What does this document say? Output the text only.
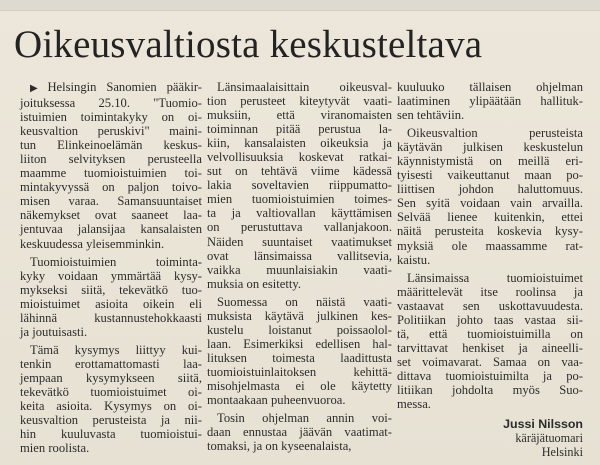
Oikeusvaltiosta keskusteltava
▶ Helsingin Sanomien pääkir-
joituksessa 25.10. "Tuomio-
istuimien toimintakyky on oi-
keusvaltion peruskivi" maini-
tun Elinkeinoelämän keskus-
liiton selvityksen perusteella
maamme tuomioistuimien toi-
mintakyvyssä on paljon toivo-
misen varaa. Samansuuntaiset
näkemykset ovat saaneet laa-
jentuvaa jalansijaa kansalaisten
keskuudessa yleisemminkin.
Tuomioistuimien toiminta-
kyky voidaan ymmärtää kysy-
mykseksi siitä, tekevätkö tuo-
mioistuimet asioita oikein eli
lähinnä kustannustehokkaasti
ja joutuisasti.
Tämä kysymys liittyy kui-
tenkin erottamattomasti laa-
jempaan kysymykseen siitä,
tekevätkö tuomioistuimet oi-
keita asioita. Kysymys on oi-
keusvaltion perusteista ja nii-
hin kuuluvasta tuomioistui-
mien roolista.
Länsimaalaisittain oikeusval-
tion perusteet kiteytyvät vaati-
muksiin, että viranomaisten
toiminnan pitää perustua la-
kiin, kansalaisten oikeuksia ja
velvollisuuksia koskevat ratkai-
sut on tehtävä viime kädessä
lakia soveltavien riippumatto-
mien tuomioistuimien toimes-
ta ja valtiovallan käyttämisen
on perustuttava vallanjakoon.
Näiden suuntaiset vaatimukset
ovat länsimaissa vallitsevia,
vaikka muunlaisiakin vaati-
muksia on esitetty.
Suomessa on näistä vaati-
muksista käytävä julkinen kes-
kustelu loistanut poissaolol-
laan. Esimerkiksi edellisen hal-
lituksen toimesta laadittusta
tuomioistuinlaitoksen kehittä-
misohjelmasta ei ole käytetty
montaakaan puheenvuoroa.
Tosin ohjelman annin voi-
daan ennustaa jäävän vaatimat-
tomaksi, ja on kyseenalaista,
kuuluuko tällaisen ohjelman
laatiminen ylipäätään hallituk-
sen tehtäviin.
Oikeusvaltion perusteista
käytävän julkisen keskustelun
käynnistymistä on meillä eri-
tyisesti vaikeuttanut maan po-
liittisen johdon haluttomuus.
Sen syitä voidaan vain arvailla.
Selvää lienee kuitenkin, ettei
näitä perusteita koskevia kysy-
myksiä ole maassamme rat-
kaistu.
Länsimaissa tuomioistuimet
määrittelevät itse roolinsa ja
vastaavat sen uskottavuudesta.
Politiikan johto taas vastaa sii-
tä, että tuomioistuimilla on
tarvittavat henkiset ja aineelli-
set voimavarat. Samaa on vaa-
dittava tuomioistuimilta ja po-
litiikan johdolta myös Suo-
messa.
Jussi Nilsson
käräjätuomari
Helsinki
